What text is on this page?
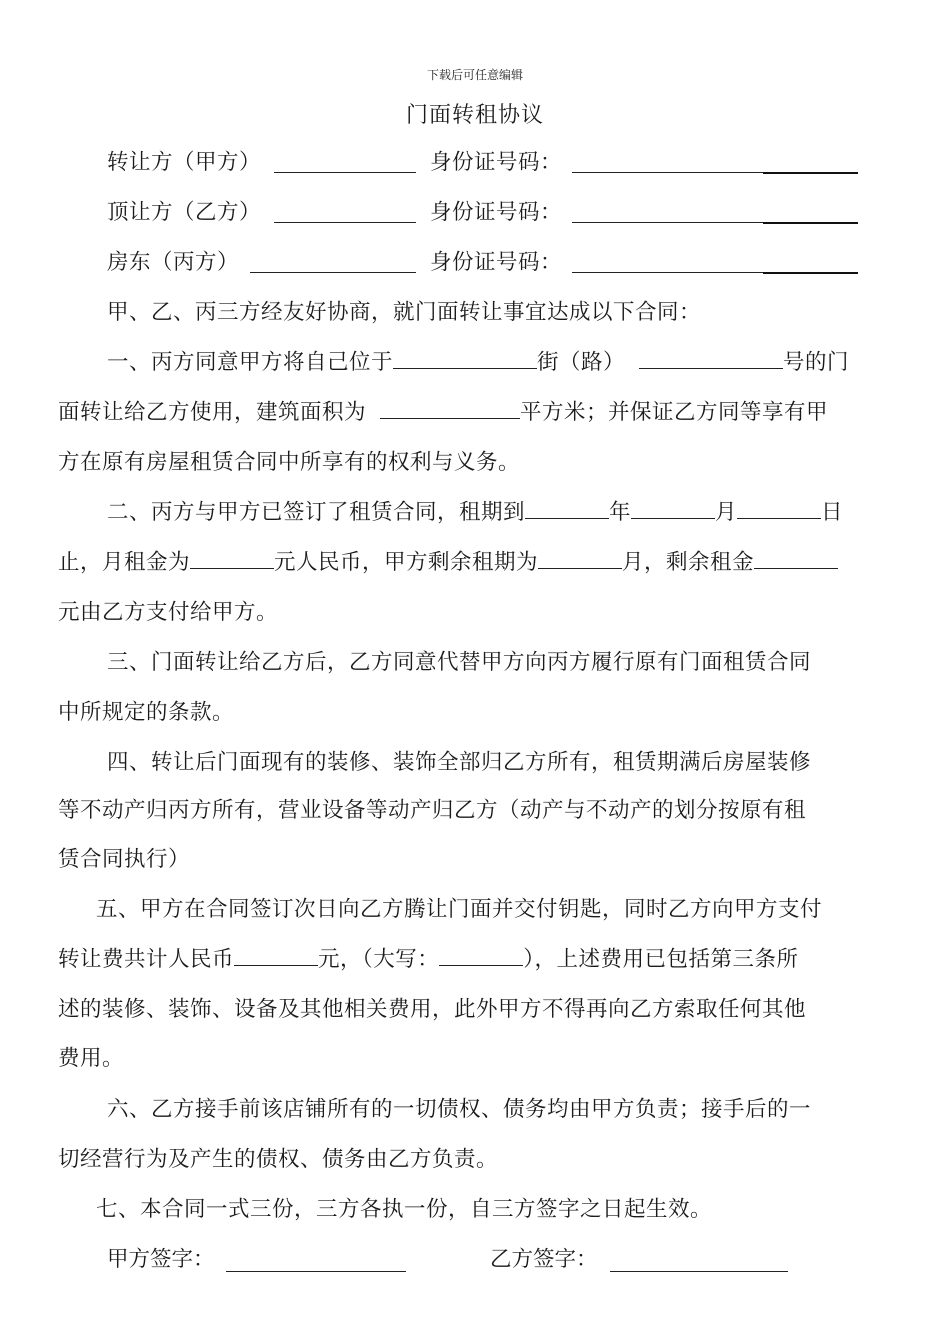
下载后可任意编辑
门面转租协议
转让方（甲方）	身份证号码：
顶让方（乙方）	身份证号码：
房东（丙方）	身份证号码：
甲、乙、丙三方经友好协商，就门面转让事宜达成以下合同：
一、丙方同意甲方将自己位于	街（路）	号的门
面转让给乙方使用，建筑面积为	平方米；并保证乙方同等享有甲
方在原有房屋租赁合同中所享有的权利与义务。
二、丙方与甲方已签订了租赁合同，租期到	年	月	日
止，月租金为	元人民币，甲方剩余租期为	月，剩余租金
元由乙方支付给甲方。
三、门面转让给乙方后，乙方同意代替甲方向丙方履行原有门面租赁合同
中所规定的条款。
四、转让后门面现有的装修、装饰全部归乙方所有，租赁期满后房屋装修
等不动产归丙方所有，营业设备等动产归乙方（动产与不动产的划分按原有租
赁合同执行）
五、甲方在合同签订次日向乙方腾让门面并交付钥匙，同时乙方向甲方支付
转让费共计人民币	元，（大写：	），上述费用已包括第三条所
述的装修、装饰、设备及其他相关费用，此外甲方不得再向乙方索取任何其他
费用。
六、乙方接手前该店铺所有的一切债权、债务均由甲方负责；接手后的一
切经营行为及产生的债权、债务由乙方负责。
七、本合同一式三份，三方各执一份，自三方签字之日起生效。
甲方签字：	乙方签字：
